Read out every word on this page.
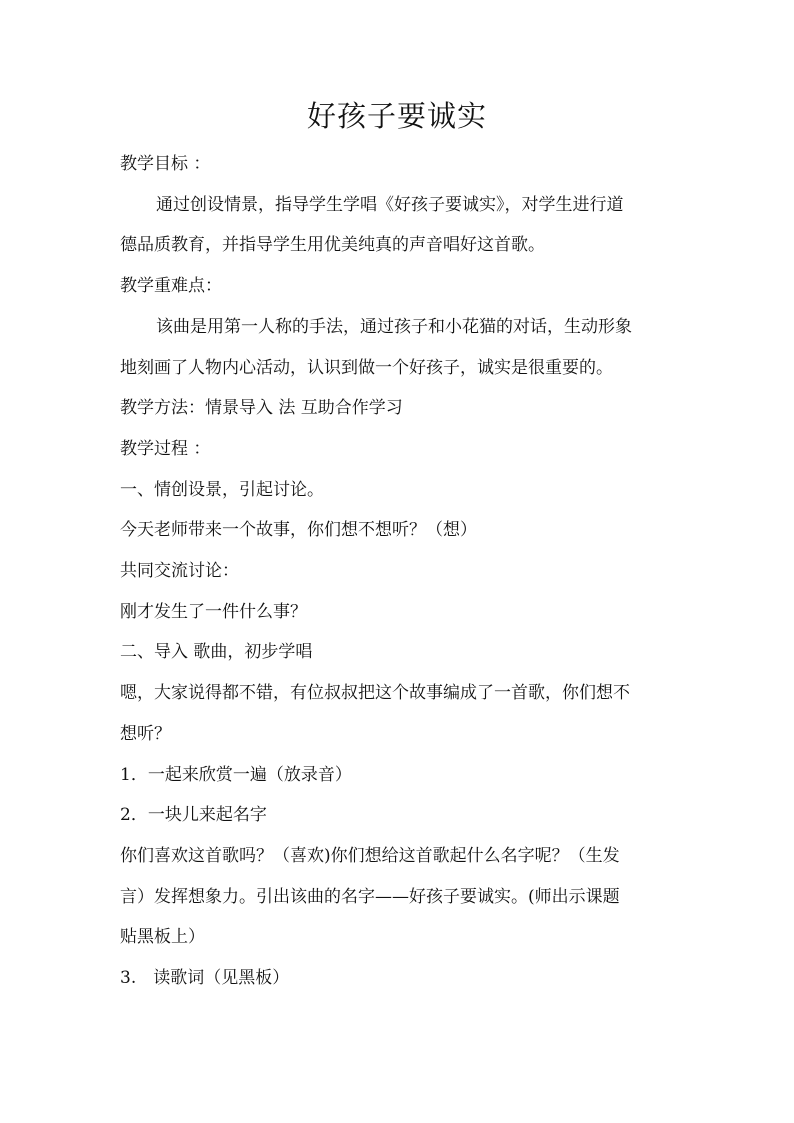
好孩子要诚实

教学目标 ：

通过创设情景，指导学生学唱《好孩子要诚实》，对学生进行道

德品质教育，并指导学生用优美纯真的声音唱好这首歌。

教学重难点：

该曲是用第一人称的手法，通过孩子和小花猫的对话，生动形象

地刻画了人物内心活动，认识到做一个好孩子，诚实是很重要的。

教学方法：情景导入 法 互助合作学习

教学过程 ：

一、情创设景，引起讨论。

今天老师带来一个故事，你们想不想听？（想）

共同交流讨论：

刚才发生了一件什么事？

二、导入 歌曲，初步学唱

嗯，大家说得都不错，有位叔叔把这个故事编成了一首歌，你们想不

想听？

1．一起来欣赏一遍（放录音）

2．一块儿来起名字

你们喜欢这首歌吗？（喜欢)你们想给这首歌起什么名字呢？（生发

言）发挥想象力。引出该曲的名字——好孩子要诚实。(师出示课题

贴黑板上）

3.　读歌词（见黑板）
